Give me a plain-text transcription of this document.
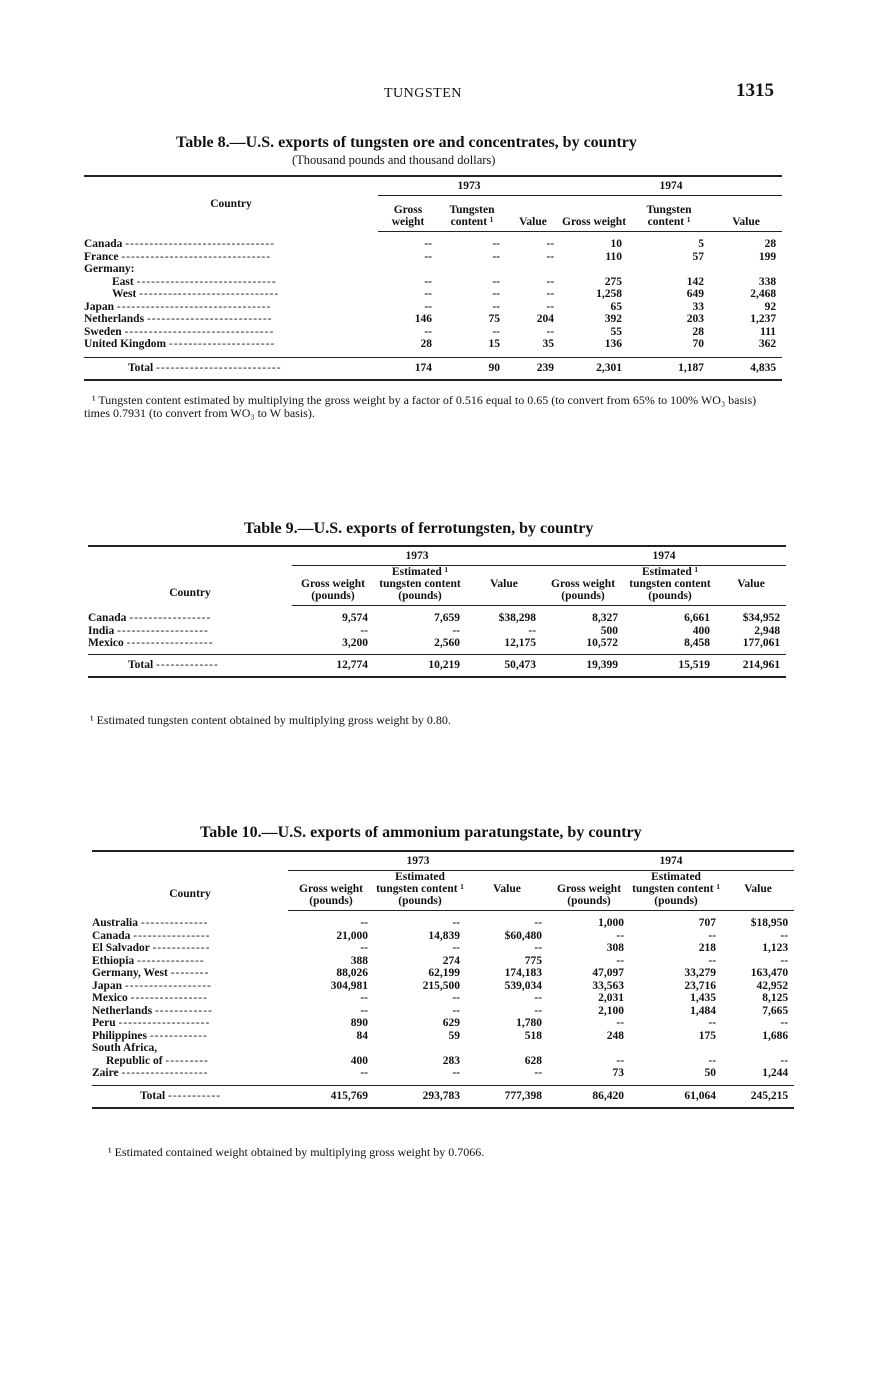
TUNGSTEN	1315
Table 8.—U.S. exports of tungsten ore and concentrates, by country
(Thousand pounds and thousand dollars)
Country	1973			1974		
	Gross weight	Tungsten content ¹	Value	Gross weight	Tungsten content ¹	Value

Canada -------------------------------	--	--	--	10	5	28
France -------------------------------	--	--	--	110	57	199
Germany:						
East -----------------------------	--	--	--	275	142	338
West -----------------------------	--	--	--	1,258	649	2,468
Japan --------------------------------	--	--	--	65	33	92
Netherlands --------------------------	146	75	204	392	203	1,237
Sweden -------------------------------	--	--	--	55	28	111
United Kingdom ----------------------	28	15	35	136	70	362

Total --------------------------	174	90	239	2,301	1,187	4,835
¹ Tungsten content estimated by multiplying the gross weight by a factor of 0.516 equal to 0.65 (to convert from 65% to 100% WO₃ basis) times 0.7931 (to convert from WO₃ to W basis).
Table 9.—U.S. exports of ferrotungsten, by country
Country	1973			1974		
	Gross weight (pounds)	Estimated ¹ tungsten content (pounds)	Value	Gross weight (pounds)	Estimated ¹ tungsten content (pounds)	Value

Canada -----------------	9,574	7,659	$38,298	8,327	6,661	$34,952
India -------------------	--	--	--	500	400	2,948
Mexico ------------------	3,200	2,560	12,175	10,572	8,458	177,061

Total -------------	12,774	10,219	50,473	19,399	15,519	214,961
¹ Estimated tungsten content obtained by multiplying gross weight by 0.80.
Table 10.—U.S. exports of ammonium paratungstate, by country
Country	1973			1974		
	Gross weight (pounds)	Estimated tungsten content ¹ (pounds)	Value	Gross weight (pounds)	Estimated tungsten content ¹ (pounds)	Value

Australia --------------	--	--	--	1,000	707	$18,950
Canada ----------------	21,000	14,839	$60,480	--	--	--
El Salvador ------------	--	--	--	308	218	1,123
Ethiopia --------------	388	274	775	--	--	--
Germany, West --------	88,026	62,199	174,183	47,097	33,279	163,470
Japan ------------------	304,981	215,500	539,034	33,563	23,716	42,952
Mexico ----------------	--	--	--	2,031	1,435	8,125
Netherlands ------------	--	--	--	2,100	1,484	7,665
Peru -------------------	890	629	1,780	--	--	--
Philippines ------------	84	59	518	248	175	1,686
South Africa,						
Republic of ---------	400	283	628	--	--	--
Zaire ------------------	--	--	--	73	50	1,244

Total -----------	415,769	293,783	777,398	86,420	61,064	245,215
¹ Estimated contained weight obtained by multiplying gross weight by 0.7066.
